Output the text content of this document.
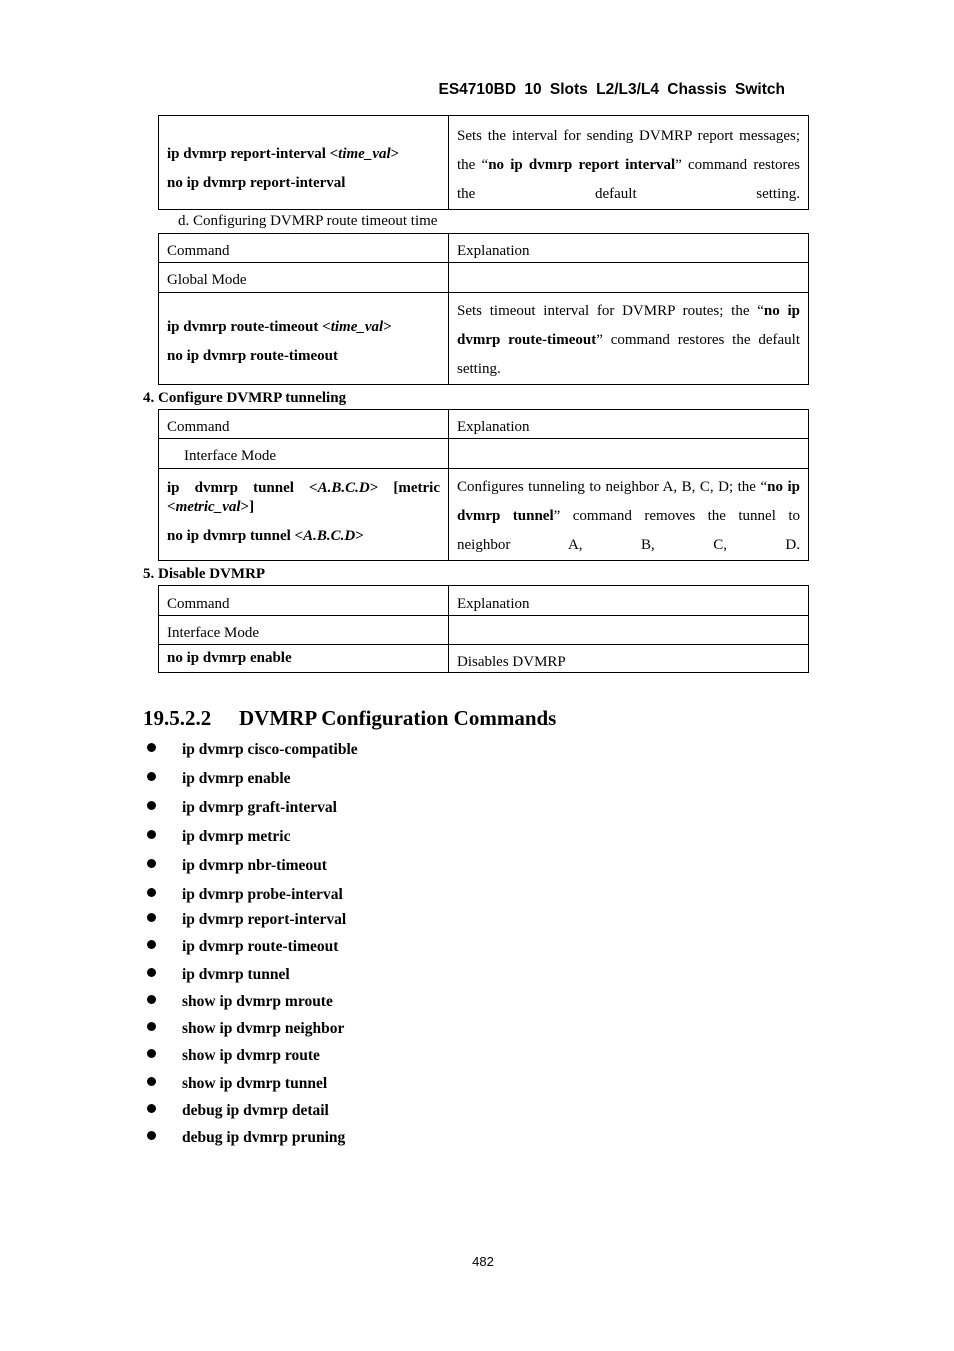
ES4710BD 10 Slots L2/L3/L4 Chassis Switch
ip dvmrp report-interval <time_val>
no ip dvmrp report-interval
	Sets the interval for sending DVMRP report messages; the “no ip dvmrp report interval” command restores the default setting.
d. Configuring DVMRP route timeout time
Command	Explanation
Global Mode	

ip dvmrp route-timeout <time_val>
no ip dvmrp route-timeout	Sets timeout interval for DVMRP routes; the “no ip dvmrp route-timeout” command restores the default setting.
4. Configure DVMRP tunneling
Command	Explanation
Interface Mode	

ip dvmrp tunnel <A.B.C.D> [metric
<metric_val>]
no ip dvmrp tunnel <A.B.C.D>	Configures tunneling to neighbor A, B, C, D; the “no ip dvmrp tunnel” command removes the tunnel to neighbor A, B, C, D.
5. Disable DVMRP
Command	Explanation
Interface Mode	
no ip dvmrp enable	Disables DVMRP
19.5.2.2 DVMRP Configuration Commands
ip dvmrp cisco-compatible
ip dvmrp enable
ip dvmrp graft-interval
ip dvmrp metric
ip dvmrp nbr-timeout
ip dvmrp probe-interval
ip dvmrp report-interval
ip dvmrp route-timeout
ip dvmrp tunnel
show ip dvmrp mroute
show ip dvmrp neighbor
show ip dvmrp route
show ip dvmrp tunnel
debug ip dvmrp detail
debug ip dvmrp pruning
482
